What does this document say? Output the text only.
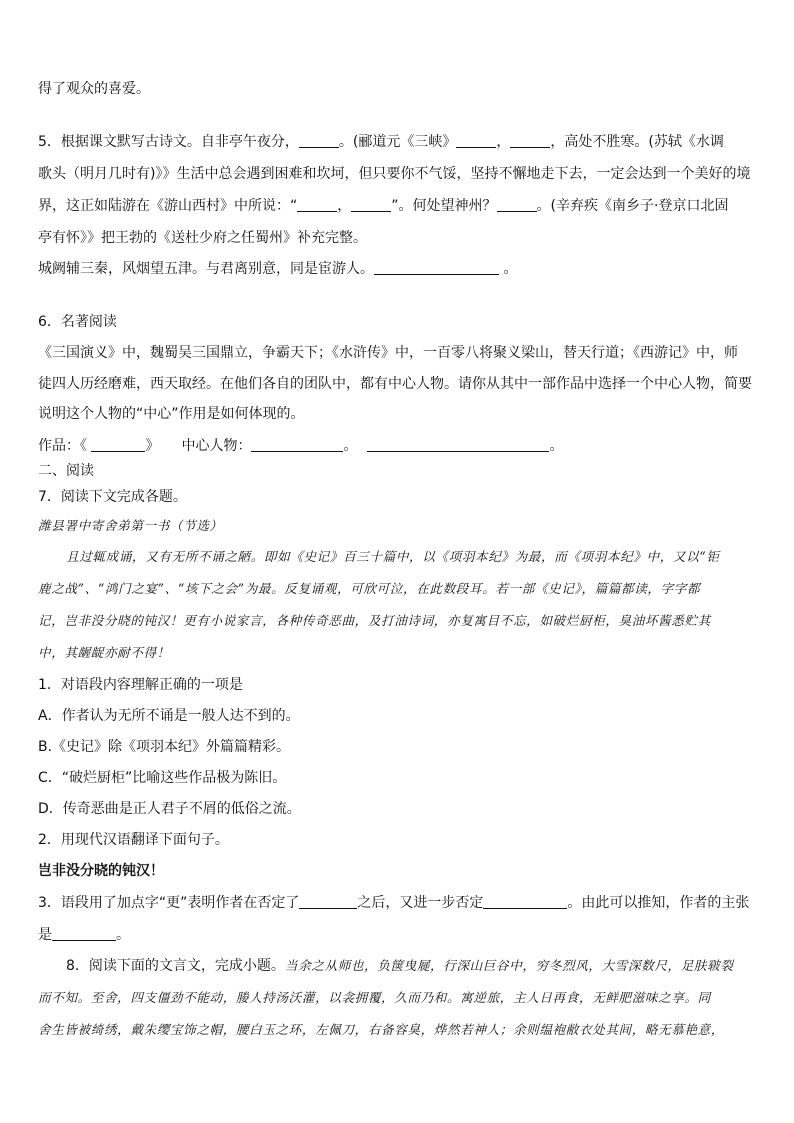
得了观众的喜爱。
5．根据课文默写古诗文。自非亭午夜分，	。(郦道元《三峡》	，	，高处不胜寒。(苏轼《水调
歌头（明月几时有)》》生活中总会遇到困难和坎坷，但只要你不气馁，坚持不懈地走下去，一定会达到一个美好的境
界，这正如陆游在《游山西村》中所说：“	，	”。何处望神州？	。(辛弃疾《南乡子·登京口北固
亭有怀》》把王勃的《送杜少府之任蜀州》补充完整。
城阙辅三秦，风烟望五津。与君离别意，同是宦游人。	。
6．名著阅读
《三国演义》中，魏蜀吴三国鼎立，争霸天下；《水浒传》中，一百零八将聚义梁山，替天行道；《西游记》中，师
徒四人历经磨难，西天取经。在他们各自的团队中，都有中心人物。请你从其中一部作品中选择一个中心人物，简要
说明这个人物的“中心”作用是如何体现的。
作品：《	》 中心人物：	。	。
二、阅读
7．阅读下文完成各题。
潍县署中寄舍弟第一书（节选）
且过辄成诵，又有无所不诵之陋。即如《史记》百三十篇中，以《项羽本纪》为最，而《项羽本纪》中，又以“钜
鹿之战”、“鸿门之宴”、“垓下之会”为最。反复诵观，可欣可泣，在此数段耳。若一部《史记》，篇篇都读，字字都
记，岂非没分晓的钝汉！更有小说家言，各种传奇恶曲，及打油诗词，亦复寓目不忘，如破烂厨柜，臭油坏酱悉贮其
中，其龌龊亦耐不得！
1．对语段内容理解正确的一项是
A．作者认为无所不诵是一般人达不到的。
B.《史记》除《项羽本纪》外篇篇精彩。
C．“破烂厨柜”比喻这些作品极为陈旧。
D．传奇恶曲是正人君子不屑的低俗之流。
2．用现代汉语翻译下面句子。
岂非没分晓的钝汉！
3．语段用了加点字“更”表明作者在否定了	之后，又进一步否定	。由此可以推知，作者的主张
是	。
8．阅读下面的文言文，完成小题。当余之从师也，负箧曳屣，行深山巨谷中，穷冬烈风，大雪深数尺，足肤皲裂
而不知。至舍，四支僵劲不能动，媵人持汤沃灌，以衾拥覆，久而乃和。寓逆旅，主人日再食，无鲜肥滋味之享。同
舍生皆被绮绣，戴朱缨宝饰之帽，腰白玉之环，左佩刀，右备容臭，烨然若神人；余则缊袍敝衣处其间，略无慕艳意，
